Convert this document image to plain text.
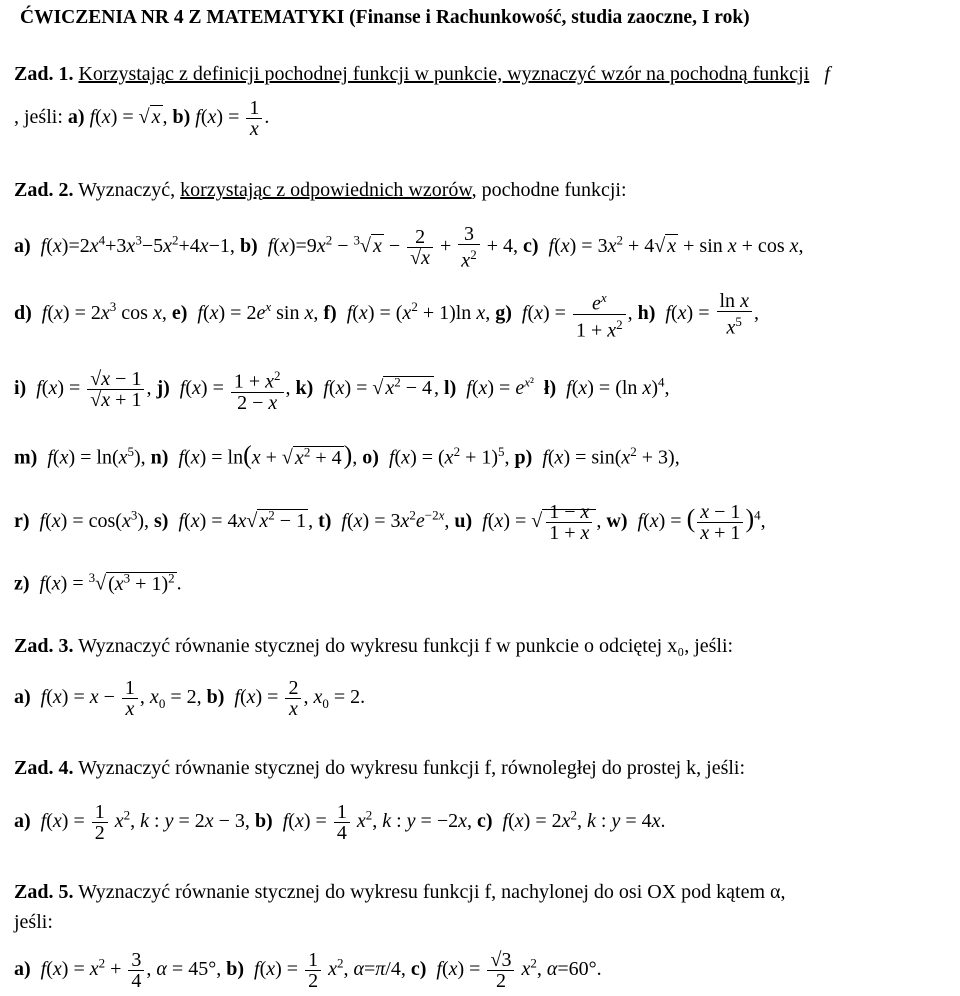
ĆWICZENIA NR 4 Z MATEMATYKI (Finanse i Rachunkowość, studia zaoczne, I rok)
Zad. 1. Korzystając z definicji pochodnej funkcji w punkcie, wyznaczyć wzór na pochodną funkcji f
, jeśli: a) f(x) = √ x , b) $f(x) = \frac{1}{x}$ .
Zad. 2. Wyznaczyć, korzystając z odpowiednich wzorów, pochodne funkcji:
a) $f(x)=2x^4+3x^3-5x^2+4x-1$, b) $f(x)=9x^2 - ^3√$ $x - \frac{2}{√x} + \frac{3}{x^2} + 4$, c) $f(x) = 3x^2 + 4√$ x + sin x + cos x,
d) $f(x) = 2x^3$ cos x, e) $f(x) = 2e^x$ sin x, f) $f(x) = (x^2 + 1)\ln$ x, g) $f(x) = \frac{e^x}{1 + x^2}$ , h) $f(x) = \frac{\text{ln x}}{x^5}$ ,
i) $f(x) = \frac{√x - 1}{√x + 1}$ , j) $f(x) = \frac{1 + x^2}{2 - x}$ , k) f(x) = √ $x^2 - 4$ , l) $f(x) = e^{x^2}$ ł) f(x) = (ln x)$^4$,
m) $f(x) = \ln(x^5)$, n) f(x) = ln(x + √ $x^2 + 4$), o) $f(x) = (x^2 + 1)^5$, p) $f(x) = \sin(x^2 + 3)$,
r) $f(x) = \cos(x^3)$, s) f(x) = 4x√ $x^2 - 1$ , t) $f(x) = 3x^2e^{-2x}$, u) f(x) = √ $\frac{1 - x}{1 + x}$ , w) f(x) = ( $\frac{x - 1}{x + 1} )^4$,
z) f(x) = $^3$√ $(x^3 + 1)^2$ .
Zad. 3. Wyznaczyć równanie stycznej do wykresu funkcji f w punkcie o odciętej x₀, jeśli:
a) $f(x) = x - \frac{1}{x}$ , $x_0 = 2$, b) $f(x) = \frac{2}{x}$ , $x_0 = 2$.
Zad. 4. Wyznaczyć równanie stycznej do wykresu funkcji f, równoległej do prostej k, jeśli:
a) $f(x) = \frac{1}{2} x^2$, k : y = 2x − 3, b) $f(x) = \frac{1}{4} x^2$, k : y = −2x, c) $f(x) = 2x^2$, k : y = 4x.
Zad. 5. Wyznaczyć równanie stycznej do wykresu funkcji f, nachylonej do osi OX pod kątem α,
jeśli:
a) $f(x) = x^2 + \frac{3}{4}$ , α = 45°, b) $f(x) = \frac{1}{2} x^2$, α=π/4, c) $f(x) = \frac{√3}{2} x^2$, α=60°.
